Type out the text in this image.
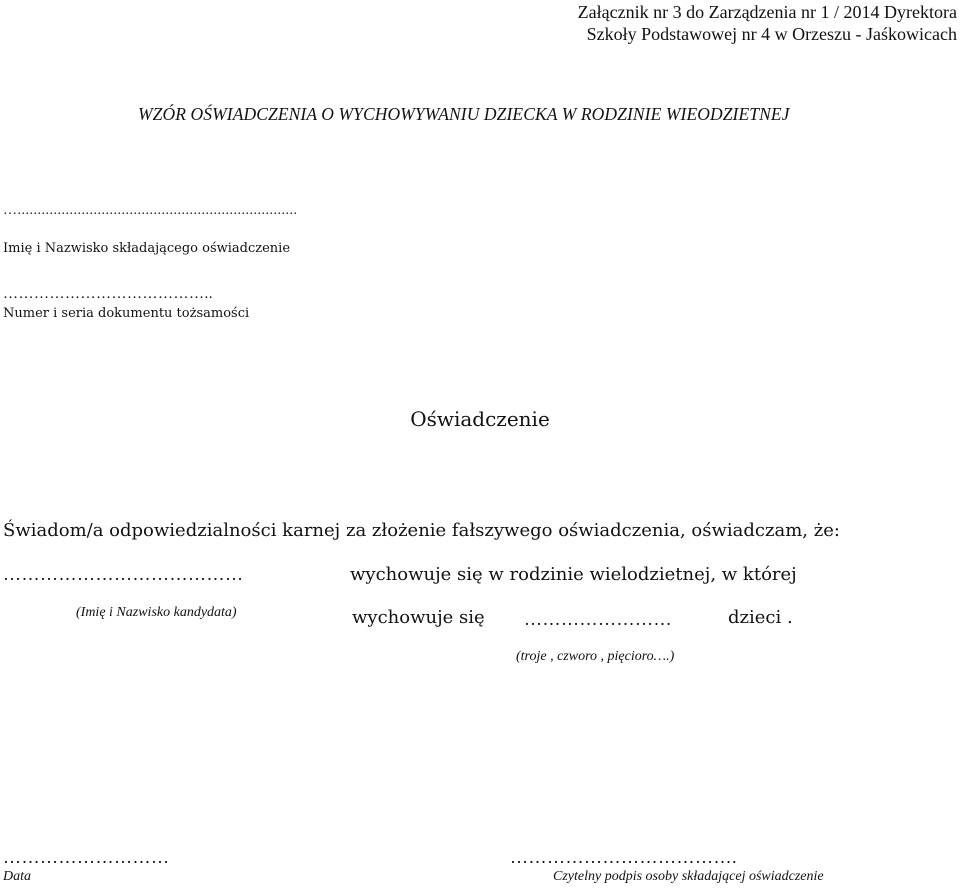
Załącznik nr 3 do Zarządzenia nr 1 / 2014 Dyrektora
Szkoły Podstawowej nr 4 w Orzeszu - Jaśkowicach
WZÓR OŚWIADCZENIA O WYCHOWYWANIU DZIECKA W RODZINIE WIEODZIETNEJ
…......................................................................
Imię i Nazwisko składającego oświadczenie
…………………………………..
Numer i seria dokumentu tożsamości
Oświadczenie
Świadom/a odpowiedzialności karnej za złożenie fałszywego oświadczenia, oświadczam, że:
…………………………………	wychowuje się w rodzinie wielodzietnej, w której
(Imię i Nazwisko kandydata)	wychowuje się ……………………	dzieci .
(troje , czworo , pięcioro….)
………………………
Data
……………………………….
Czytelny podpis osoby składającej oświadczenie
